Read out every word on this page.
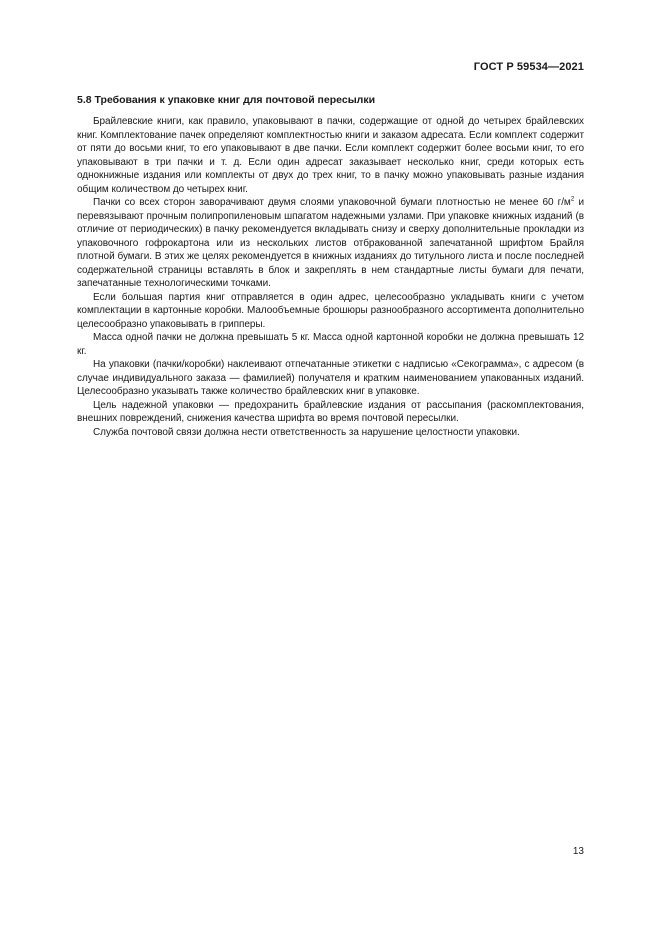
ГОСТ Р 59534—2021

5.8 Требования к упаковке книг для почтовой пересылки

Брайлевские книги, как правило, упаковывают в пачки, содержащие от одной до четырех брайлевских книг. Комплектование пачек определяют комплектностью книги и заказом адресата. Если комплект содержит от пяти до восьми книг, то его упаковывают в две пачки. Если комплект содержит более восьми книг, то его упаковывают в три пачки и т. д. Если один адресат заказывает несколько книг, среди которых есть однокнижные издания или комплекты от двух до трех книг, то в пачку можно упаковывать разные издания общим количеством до четырех книг.

Пачки со всех сторон заворачивают двумя слоями упаковочной бумаги плотностью не менее 60 $г/м^2$ и перевязывают прочным полипропиленовым шпагатом надежными узлами. При упаковке книжных изданий (в отличие от периодических) в пачку рекомендуется вкладывать снизу и сверху дополнительные прокладки из упаковочного гофрокартона или из нескольких листов отбракованной запечатанной шрифтом Брайля плотной бумаги. В этих же целях рекомендуется в книжных изданиях до титульного листа и после последней содержательной страницы вставлять в блок и закреплять в нем стандартные листы бумаги для печати, запечатанные технологическими точками.

Если большая партия книг отправляется в один адрес, целесообразно укладывать книги с учетом комплектации в картонные коробки. Малообъемные брошюры разнообразного ассортимента дополнительно целесообразно упаковывать в грипперы.

Масса одной пачки не должна превышать 5 кг. Масса одной картонной коробки не должна превышать 12 кг.

На упаковки (пачки/коробки) наклеивают отпечатанные этикетки с надписью «Секограмма», с адресом (в случае индивидуального заказа — фамилией) получателя и кратким наименованием упакованных изданий. Целесообразно указывать также количество брайлевских книг в упаковке.

Цель надежной упаковки — предохранить брайлевские издания от рассыпания (раскомплектования, внешних повреждений, снижения качества шрифта во время почтовой пересылки.

Служба почтовой связи должна нести ответственность за нарушение целостности упаковки.

13
